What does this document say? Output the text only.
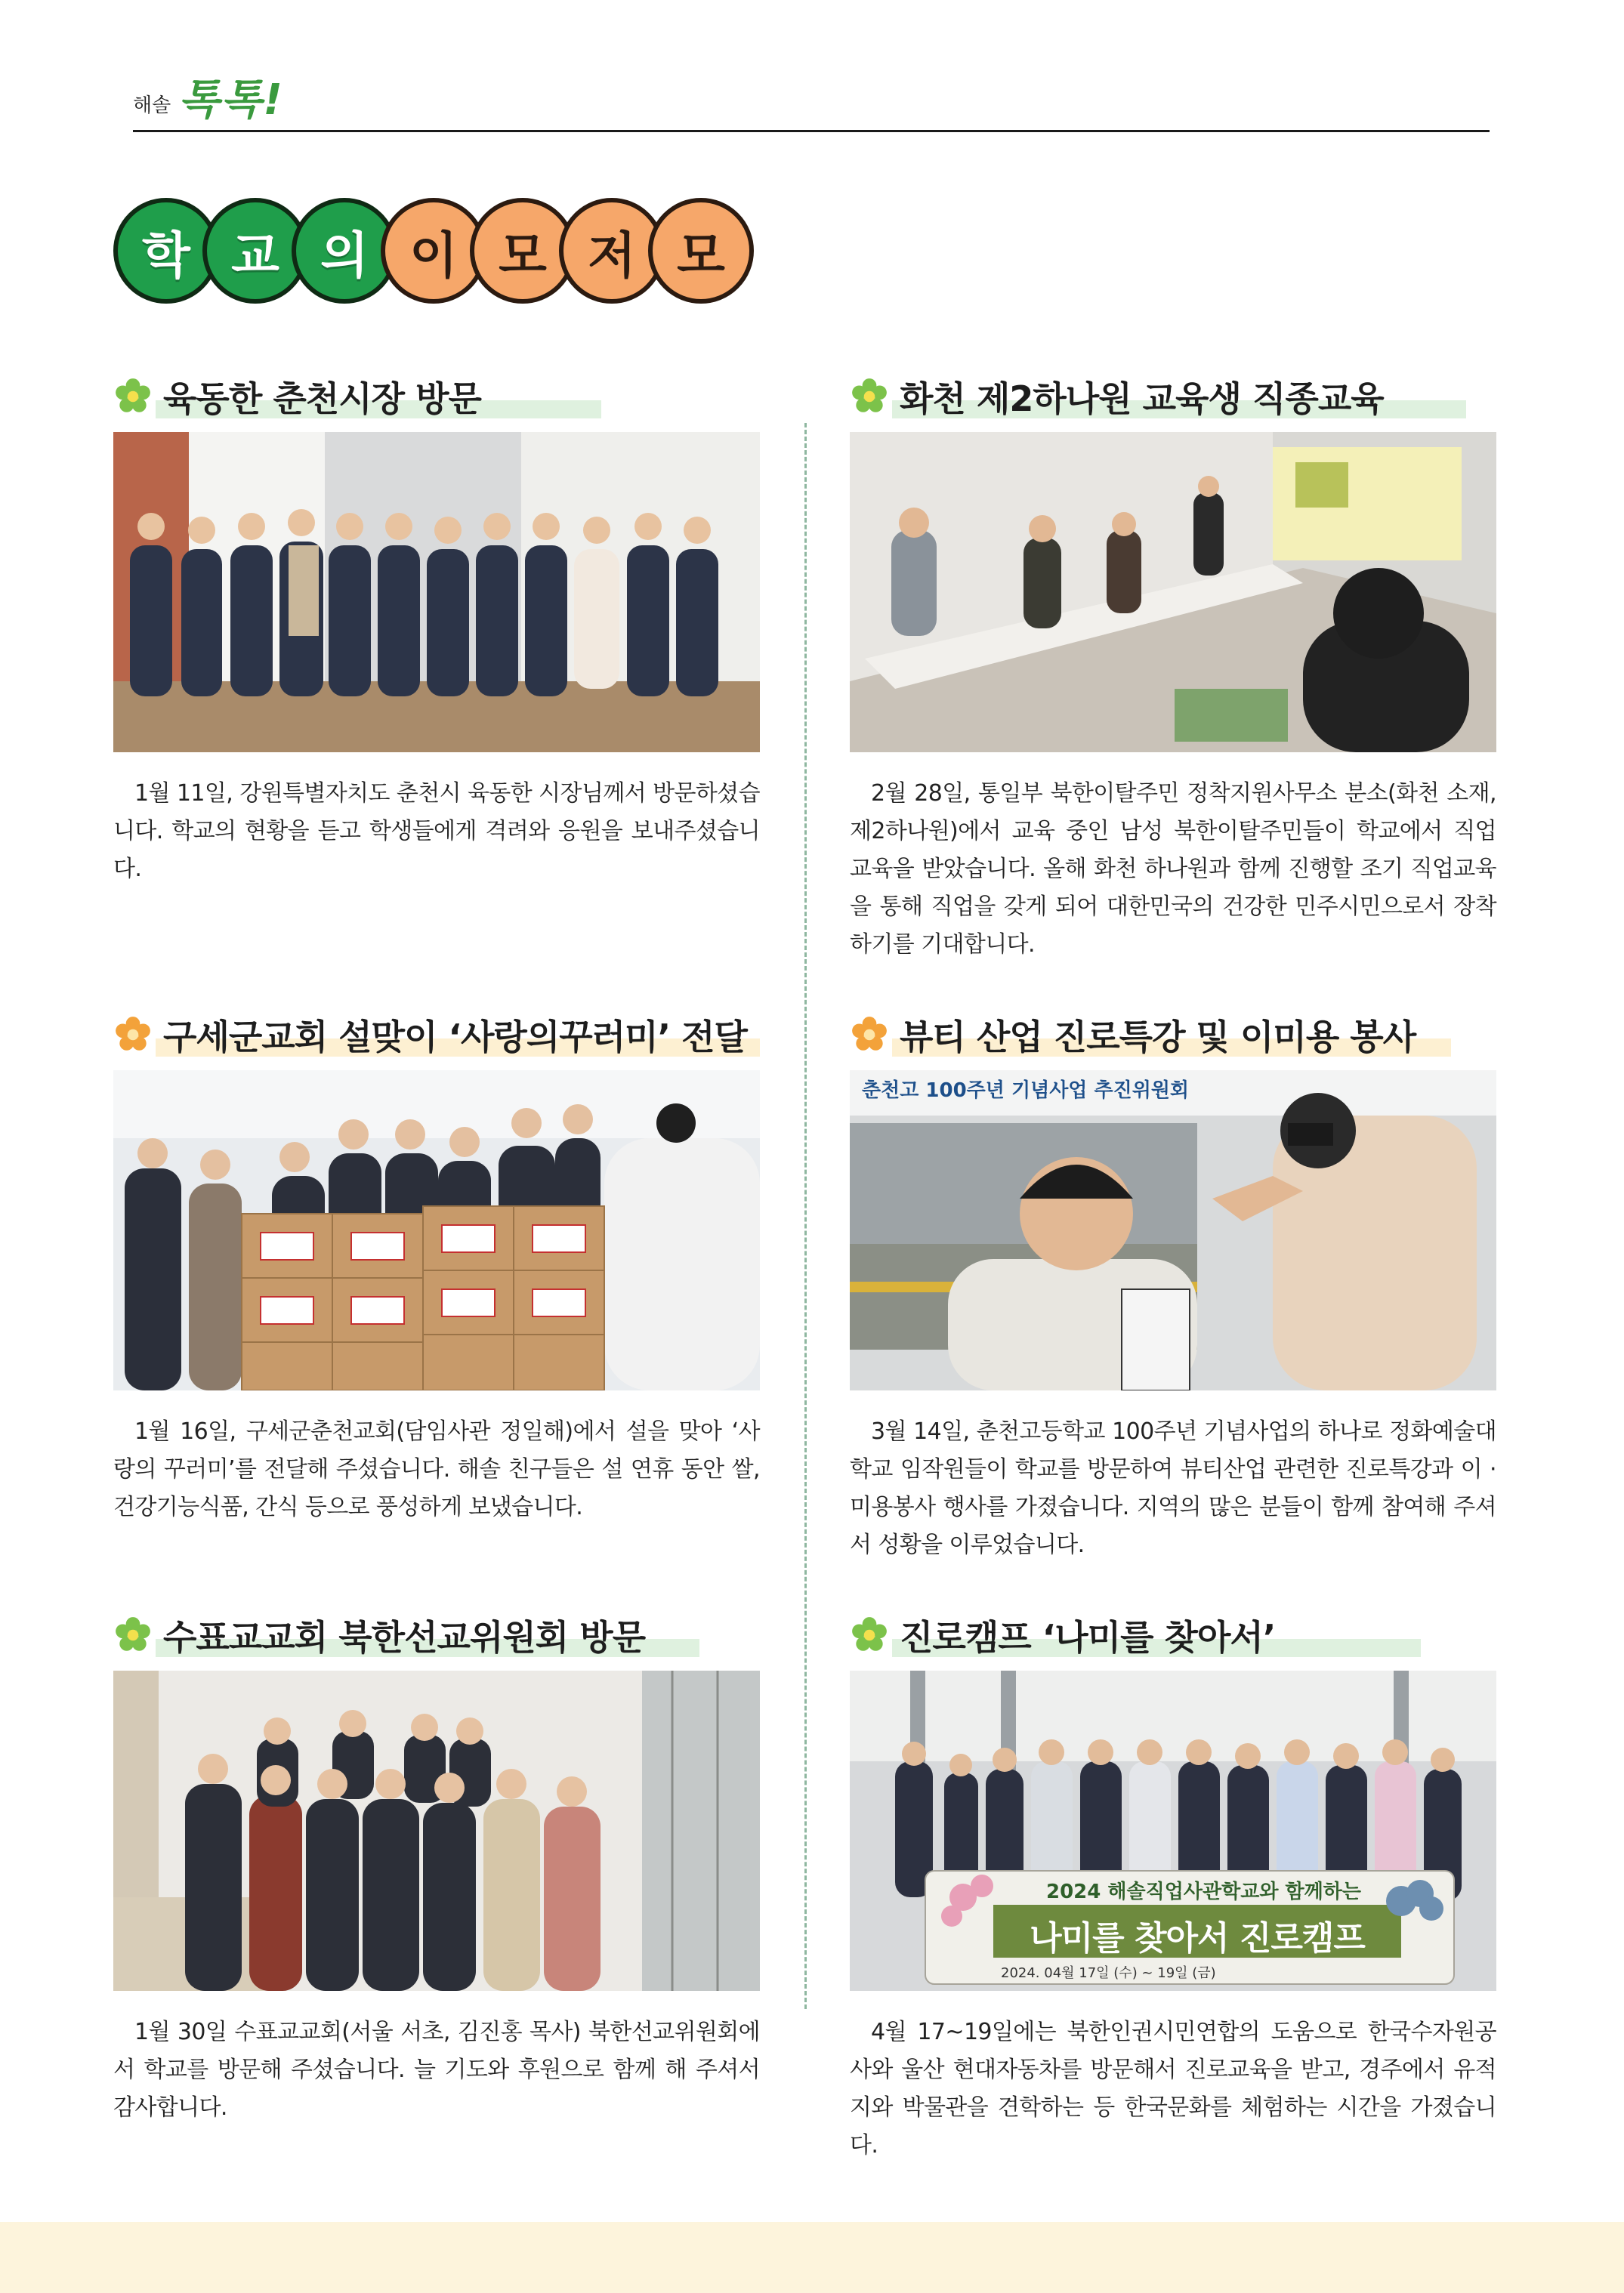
해솔 톡톡!
학 교 의 이 모 저 모
육동한 춘천시장 방문
1월 11일, 강원특별자치도 춘천시 육동한 시장님께서 방문하셨습니다. 학교의 현황을 듣고 학생들에게 격려와 응원을 보내주셨습니다.
화천 제2하나원 교육생 직종교육
2월 28일, 통일부 북한이탈주민 정착지원사무소 분소(화천 소재, 제2하나원)에서 교육 중인 남성 북한이탈주민들이 학교에서 직업 교육을 받았습니다. 올해 화천 하나원과 함께 진행할 조기 직업교육을 통해 직업을 갖게 되어 대한민국의 건강한 민주시민으로서 장착하기를 기대합니다.
구세군교회 설맞이 ‘사랑의꾸러미’ 전달
1월 16일, 구세군춘천교회(담임사관 정일해)에서 설을 맞아 ‘사랑의 꾸러미’를 전달해 주셨습니다. 해솔 친구들은 설 연휴 동안 쌀, 건강기능식품, 간식 등으로 풍성하게 보냈습니다.
뷰티 산업 진로특강 및 이미용 봉사
춘천고 100주년 기념사업 추진위원회
3월 14일, 춘천고등학교 100주년 기념사업의 하나로 정화예술대학교 임작원들이 학교를 방문하여 뷰티산업 관련한 진로특강과 이 · 미용봉사 행사를 가졌습니다. 지역의 많은 분들이 함께 참여해 주셔서 성황을 이루었습니다.
수표교교회 북한선교위원회 방문
1월 30일 수표교교회(서울 서초, 김진홍 목사) 북한선교위원회에서 학교를 방문해 주셨습니다. 늘 기도와 후원으로 함께 해 주셔서 감사합니다.
진로캠프 ‘나미를 찾아서’
2024 해솔직업사관학교와 함께하는
나미를 찾아서 진로캠프
2024. 04월 17일 (수) ~ 19일 (금)
4월 17~19일에는 북한인권시민연합의 도움으로 한국수자원공사와 울산 현대자동차를 방문해서 진로교육을 받고, 경주에서 유적지와 박물관을 견학하는 등 한국문화를 체험하는 시간을 가졌습니다.
